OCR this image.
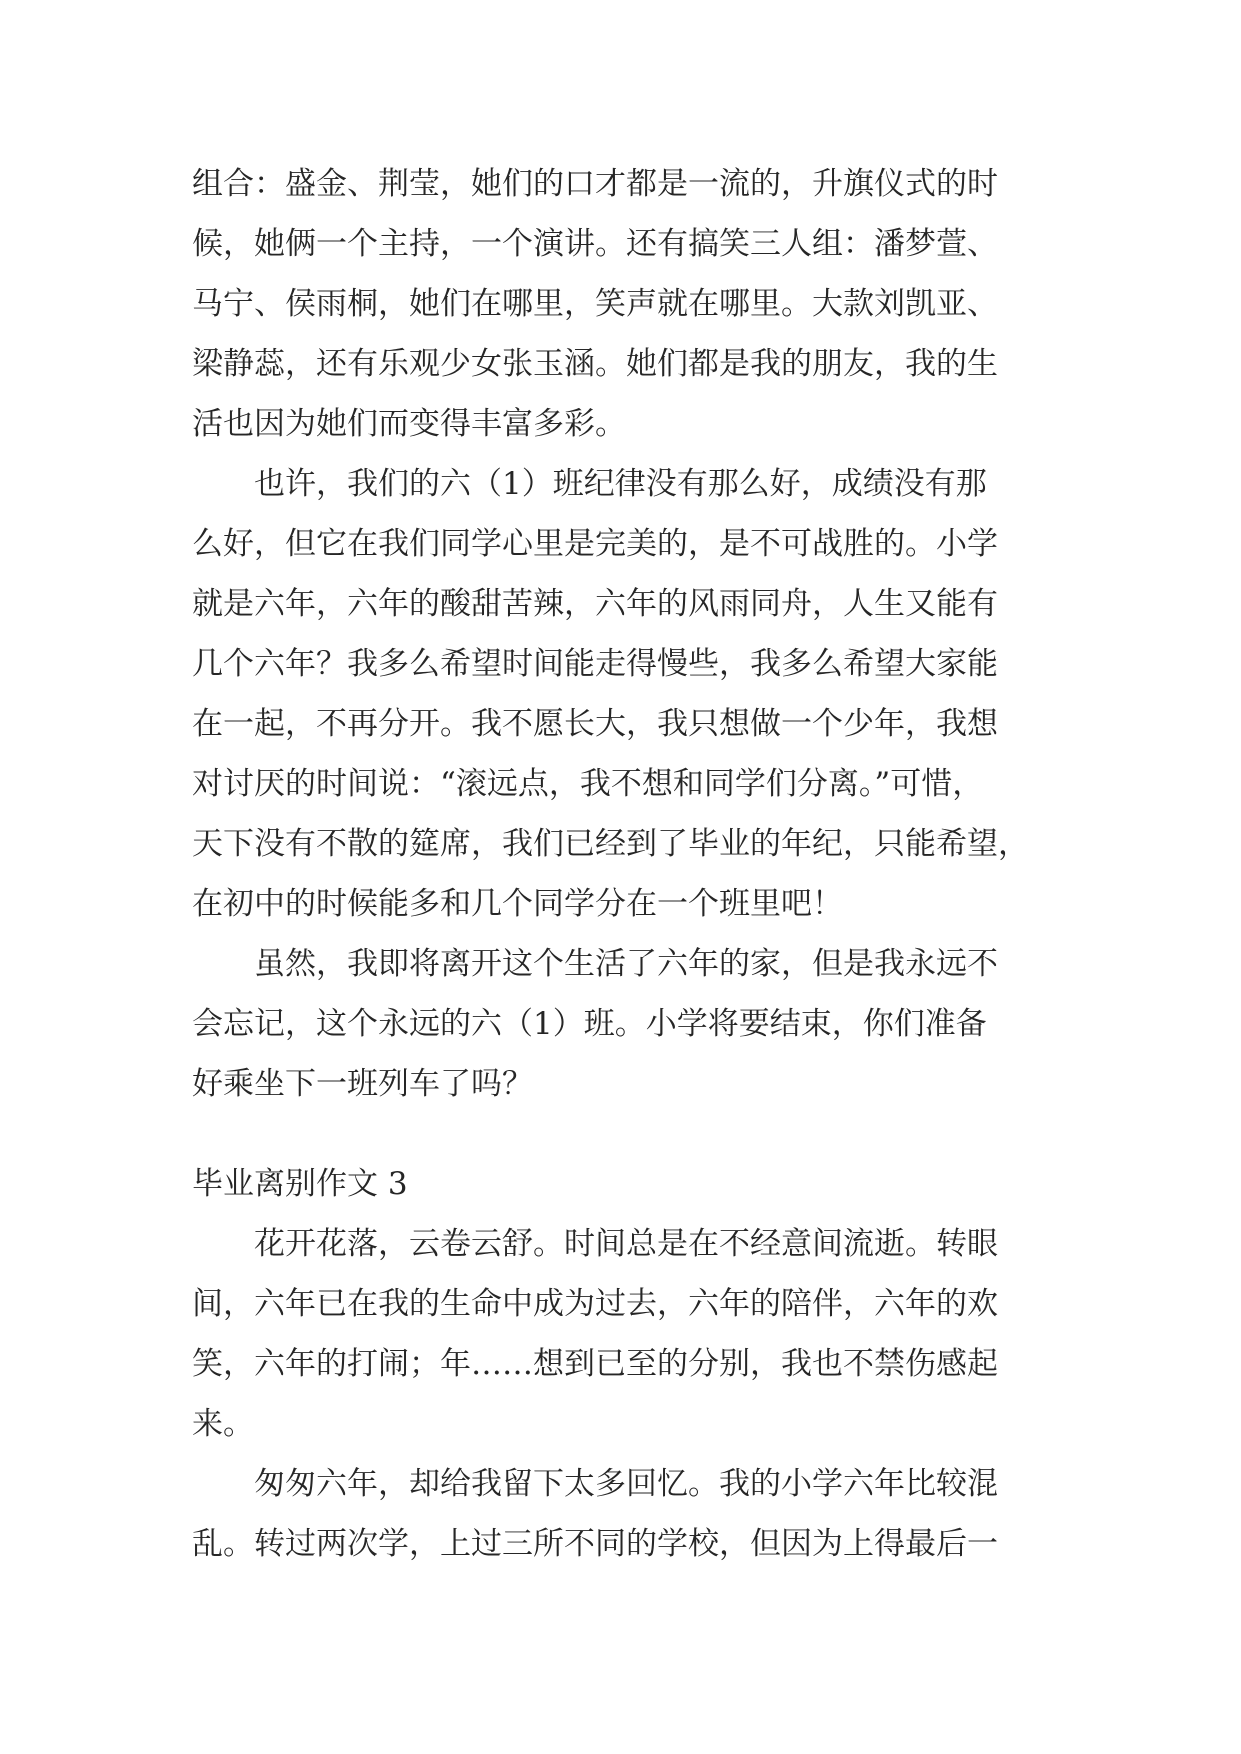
组合：盛金、荆莹，她们的口才都是一流的，升旗仪式的时

候，她俩一个主持，一个演讲。还有搞笑三人组：潘梦萱、

马宁、侯雨桐，她们在哪里，笑声就在哪里。大款刘凯亚、

梁静蕊，还有乐观少女张玉涵。她们都是我的朋友，我的生

活也因为她们而变得丰富多彩。

　　也许，我们的六（1）班纪律没有那么好，成绩没有那

么好，但它在我们同学心里是完美的，是不可战胜的。小学

就是六年，六年的酸甜苦辣，六年的风雨同舟，人生又能有

几个六年？我多么希望时间能走得慢些，我多么希望大家能

在一起，不再分开。我不愿长大，我只想做一个少年，我想

对讨厌的时间说：“滚远点，我不想和同学们分离。”可惜，

天下没有不散的筵席，我们已经到了毕业的年纪，只能希望，

在初中的时候能多和几个同学分在一个班里吧！

　　虽然，我即将离开这个生活了六年的家，但是我永远不

会忘记，这个永远的六（1）班。小学将要结束，你们准备

好乘坐下一班列车了吗？

毕业离别作文 3

　　花开花落，云卷云舒。时间总是在不经意间流逝。转眼

间，六年已在我的生命中成为过去，六年的陪伴，六年的欢

笑，六年的打闹；年……想到已至的分别，我也不禁伤感起

来。

　　匆匆六年，却给我留下太多回忆。我的小学六年比较混

乱。转过两次学，上过三所不同的学校，但因为上得最后一
